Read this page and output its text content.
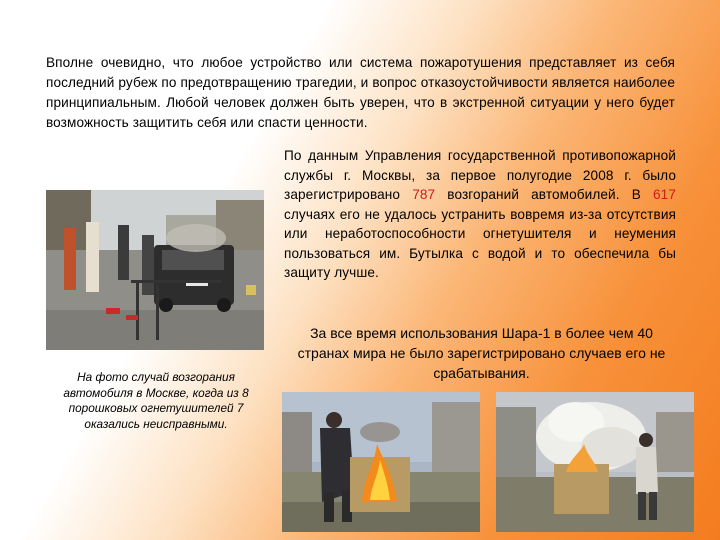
Вполне очевидно, что любое устройство или система пожаротушения представляет из себя последний рубеж по предотвращению трагедии, и вопрос отказоустойчивости является наиболее принципиальным. Любой человек должен быть уверен, что в экстренной ситуации у него будет возможность защитить себя или спасти ценности.

На фото случай возгорания автомобиля в Москве, когда из 8 порошковых огнетушителей 7 оказались неисправными.

По данным Управления государственной противопожарной службы г. Москвы, за первое полугодие 2008 г. было зарегистрировано 787 возгораний автомобилей. В 617 случаях его не удалось устранить вовремя из-за отсутствия или неработоспособности огнетушителя и неумения пользоваться им. Бутылка с водой и то обеспечила бы защиту лучше.

За все время использования Шара-1 в более чем 40 странах мира не было зарегистрировано случаев его не срабатывания.
